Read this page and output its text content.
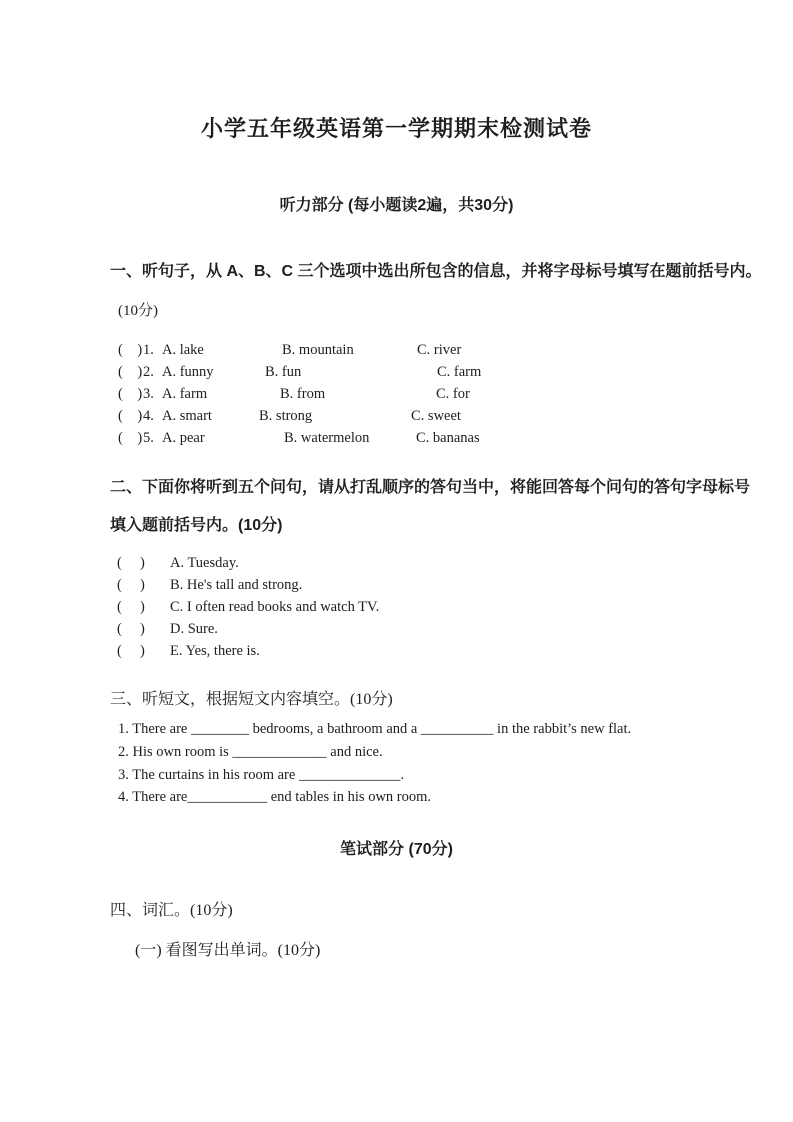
小学五年级英语第一学期期末检测试卷
听力部分 (每小题读2遍，共30分)
一、听句子，从 A、B、C 三个选项中选出所包含的信息，并将字母标号填写在题前括号内。
(10分)
(    ) 1. A. lake	B. mountain	C. river
(    ) 2. A. funny	B. fun	C. farm
(    ) 3. A. farm	B. from	C. for
(    ) 4. A. smart	B. strong	C. sweet
(    ) 5. A. pear	B. watermelon	C. bananas
二、下面你将听到五个问句，请从打乱顺序的答句当中，将能回答每个问句的答句字母标号
填入题前括号内。(10分)
(     ) A. Tuesday.
(     ) B. He's tall and strong.
(     ) C. I often read books and watch TV.
(     ) D. Sure.
(     ) E. Yes, there is.
三、听短文，根据短文内容填空。(10分)
1. There are ________ bedrooms, a bathroom and a __________ in the rabbit’s new flat.
2. His own room is _____________ and nice.
3. The curtains in his room are ______________.
4. There are___________ end tables in his own room.
笔试部分 (70分)
四、词汇。(10分)
(一) 看图写出单词。(10分)
